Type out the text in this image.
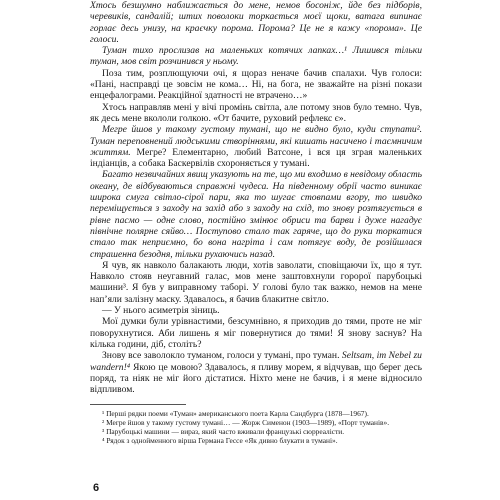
Хтось безшумно наближається до мене, немов босоніж, йде без підборів, черевиків, сандалій; штих поволоки торкається моєї щоки, ватага випинає горлає десь унизу, на краєчку порома. Порома? Це не я кажу «порома». Це голоси.

Туман тихо прослизав на маленьких котячих лапках…¹ Лишився тільки туман, мов світ розчинився у ньому.

Поза тим, розплющуючи очі, я щораз неначе бачив спалахи. Чув голоси: «Пані, насправді це зовсім не кома… Ні, на бога, не зважайте на різні покази енцефалограми. Реакційної здатності не втрачено…»

Хтось направляв мені у вічі промінь світла, але потому знов було темно. Чув, як десь мене вкололи голкою. «От бачите, руховий рефлекс є».

Мегре йшов у такому густому тумані, що не видно було, куди ступати². Туман переповнений людськими створіннями, які кишать насичено і таємничим життям. Мегре? Елементарно, любий Ватсоне, і вся ця зграя маленьких індіанців, а собака Баскервілів схороняється у тумані.

Багато незвичайних явищ указують на те, що ми входимо в невідому область океану, де відбуваються справжні чудеса. На південному обрії часто виникає широка смуга світло-сірої пари, яка то шугає стовпами вгору, то швидко переміщується з заходу на захід або з заходу на схід, то знову розтягується в рівне пасмо — одне слово, постійно змінює обриси та барви і дуже нагадує північне полярне сяйво… Поступово стало так гаряче, що до руки торкатися стало так неприємно, бо вона нагріта і сам потягує воду, де розійшлася страшенна безодня, тільки рухаючись назад.

Я чув, як навколо балакають люди, хотів заволати, сповіщаючи їх, що я тут. Навколо стояв неугавний галас, мов мене заштовхнули горорої парубоцькі машини³. Я був у виправному таборі. У голові було так важко, немов на мене нап’яли залізну маску. Здавалось, я бачив блакитне світло.

— У нього асиметрія зіниць.

Мої думки були урівнастими, безсумнівно, я приходив до тями, проте не міг поворухнутися. Аби лишень я міг повернутися до тями! Я знову заснув? На кілька години, діб, століть?

Знову все заволокло туманом, голоси у тумані, про туман. Seltsam, im Nebel zu wandern!⁴ Якою це мовою? Здавалось, я пливу морем, я відчував, що берег десь поряд, та ніяк не міг його дістатися. Ніхто мене не бачив, і я мене відносило відпливом.

¹ Перші рядки поеми «Туман» американського поета Карла Сандбурга (1878—1967).

² Мегре йшов у такому густому тумані… — Жорж Сименон (1903—1989), «Порт туманів».

³ Парубоцькі машини — вираз, який часто вживали французькі сюрреалісти.

⁴ Рядок з однойменного вірша Германа Гессе «Як дивно блукати в тумані».

6
